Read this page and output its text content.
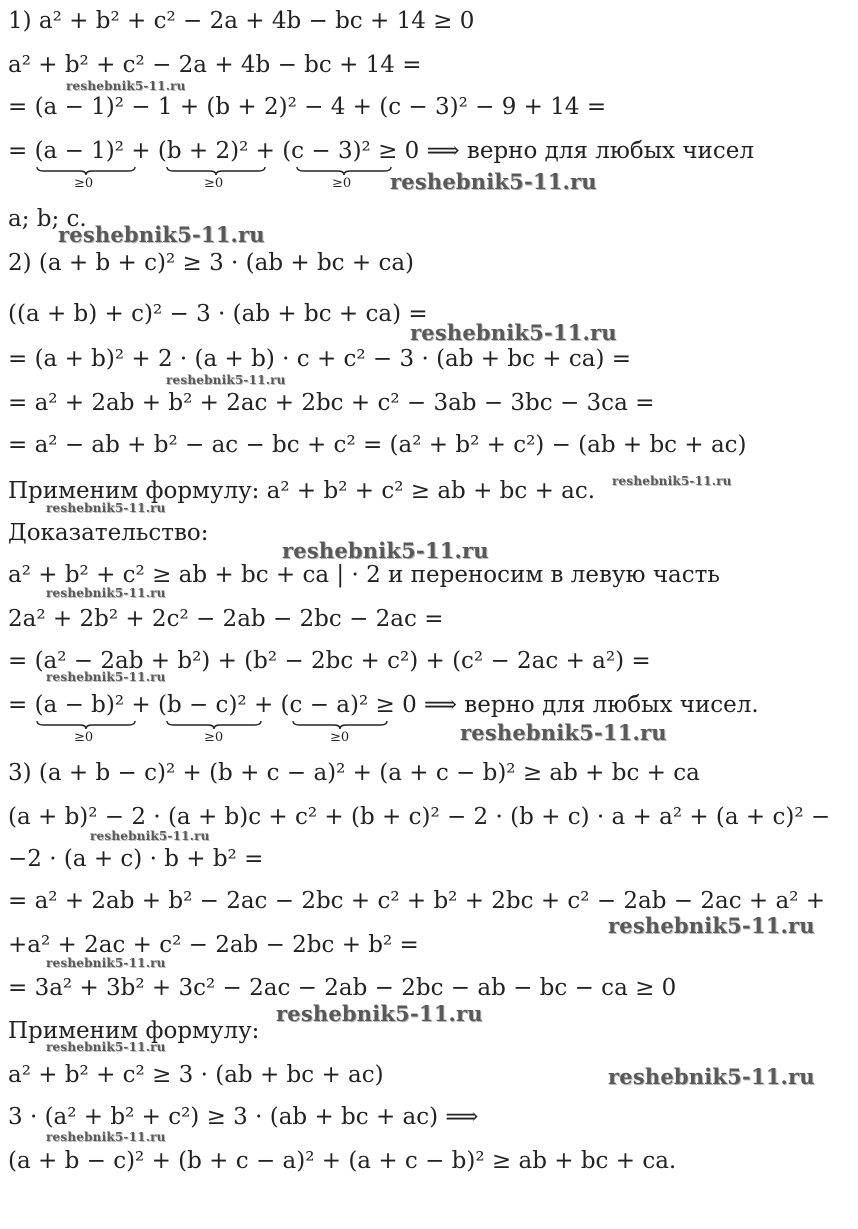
1) a² + b² + c² − 2a + 4b − bc + 14 ≥ 0
a² + b² + c² − 2a + 4b − bc + 14 =
= (a − 1)² − 1 + (b + 2)² − 4 + (c − 3)² − 9 + 14 =
= (a − 1)² + (b + 2)² + (c − 3)² ≥ 0 ⟹ верно для любых чисел
a; b; c.
2) (a + b + c)² ≥ 3 · (ab + bc + ca)
((a + b) + c)² − 3 · (ab + bc + ca) =
= (a + b)² + 2 · (a + b) · c + c² − 3 · (ab + bc + ca) =
= a² + 2ab + b² + 2ac + 2bc + c² − 3ab − 3bc − 3ca =
= a² − ab + b² − ac − bc + c² = (a² + b² + c²) − (ab + bc + ac)
Применим формулу: a² + b² + c² ≥ ab + bc + ac.
Доказательство:
a² + b² + c² ≥ ab + bc + ca | · 2 и переносим в левую часть
2a² + 2b² + 2c² − 2ab − 2bc − 2ac =
= (a² − 2ab + b²) + (b² − 2bc + c²) + (c² − 2ac + a²) =
= (a − b)² + (b − c)² + (c − a)² ≥ 0 ⟹ верно для любых чисел.
3) (a + b − c)² + (b + c − a)² + (a + c − b)² ≥ ab + bc + ca
(a + b)² − 2 · (a + b)c + c² + (b + c)² − 2 · (b + c) · a + a² + (a + c)² −
−2 · (a + c) · b + b² =
= a² + 2ab + b² − 2ac − 2bc + c² + b² + 2bc + c² − 2ab − 2ac + a² +
+a² + 2ac + c² − 2ab − 2bc + b² =
= 3a² + 3b² + 3c² − 2ac − 2ab − 2bc − ab − bc − ca ≥ 0
Применим формулу:
a² + b² + c² ≥ 3 · (ab + bc + ac)
3 · (a² + b² + c²) ≥ 3 · (ab + bc + ac) ⟹
(a + b − c)² + (b + c − a)² + (a + c − b)² ≥ ab + bc + ca.
≥0	≥0	≥0
≥0	≥0	≥0
reshebnik5-11.ru
reshebnik5-11.ru
reshebnik5-11.ru
reshebnik5-11.ru
reshebnik5-11.ru
reshebnik5-11.ru
reshebnik5-11.ru
reshebnik5-11.ru
reshebnik5-11.ru
reshebnik5-11.ru
reshebnik5-11.ru
reshebnik5-11.ru
reshebnik5-11.ru
reshebnik5-11.ru
reshebnik5-11.ru
reshebnik5-11.ru
reshebnik5-11.ru
reshebnik5-11.ru
